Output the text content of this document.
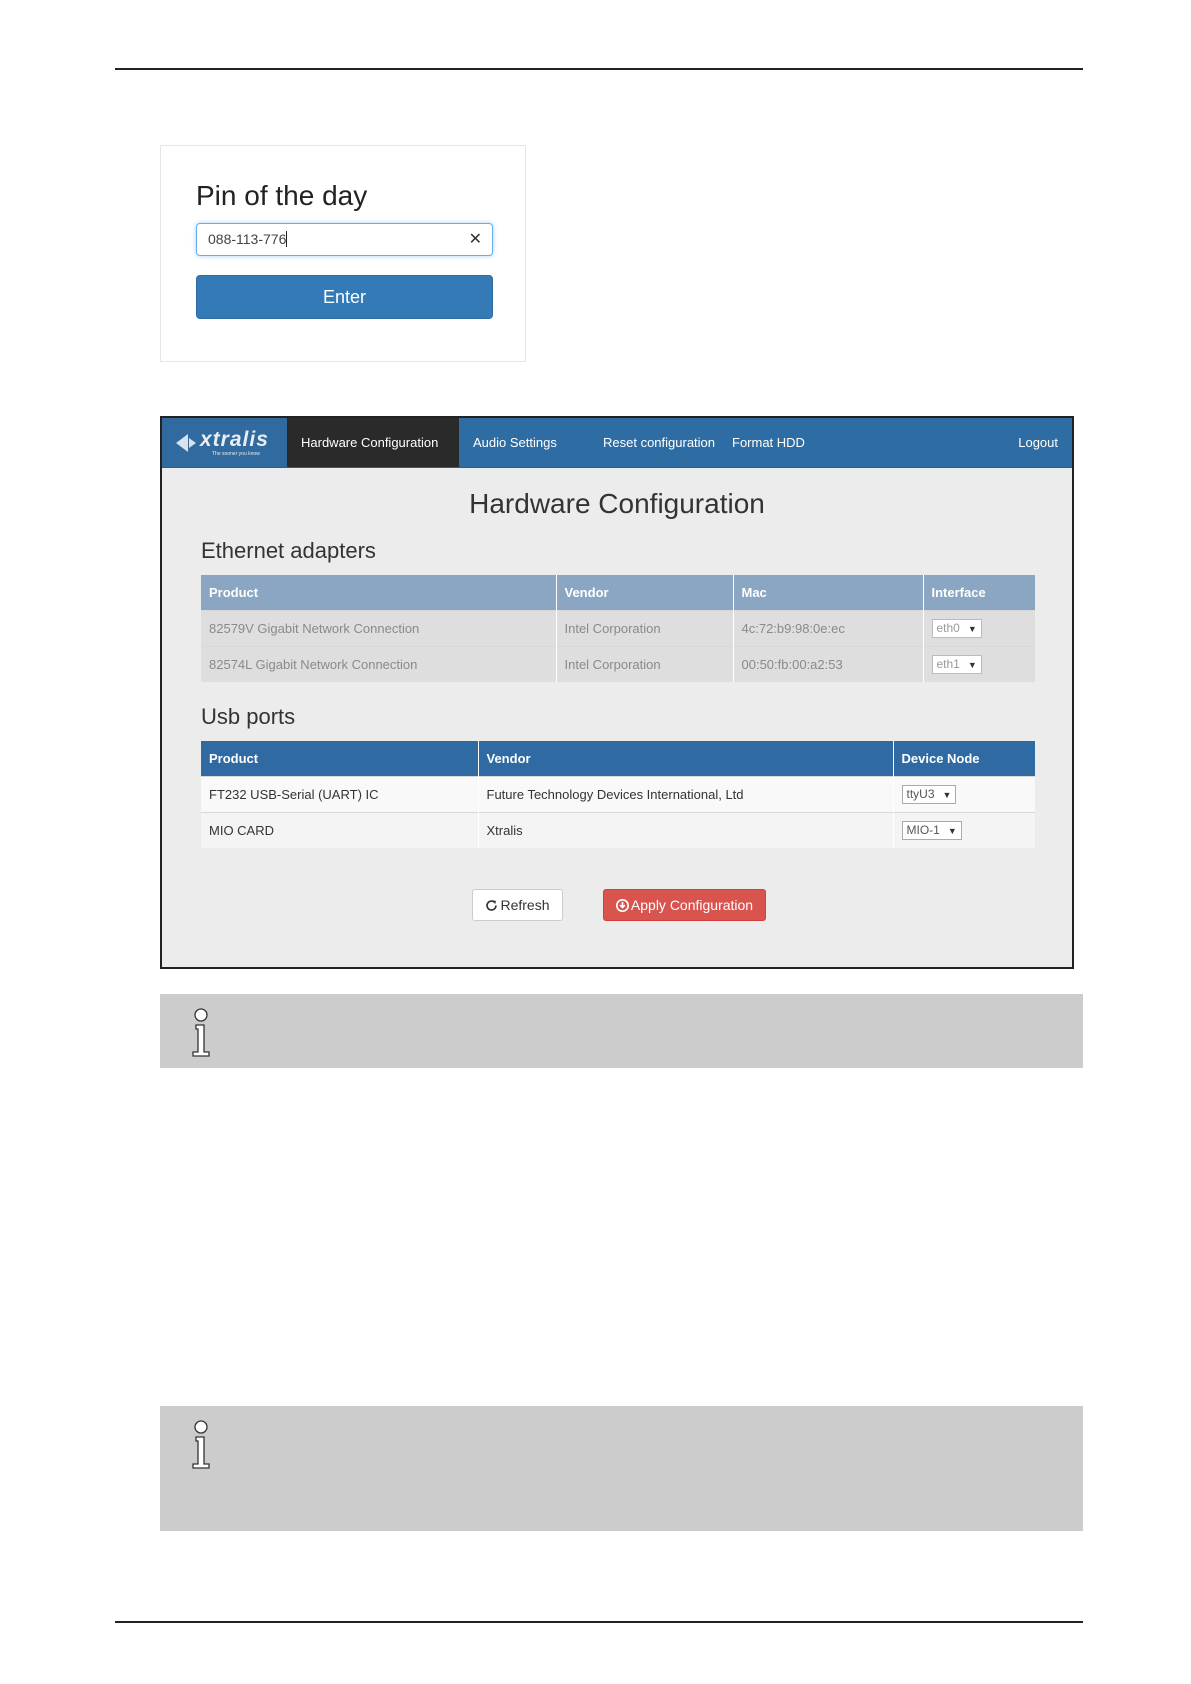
Pin of the day
088-113-776	✕
Enter
xtralis
The sooner you know
Hardware Configuration	Audio Settings	Reset configuration	Format HDD	Logout
Hardware Configuration
Ethernet adapters
Product	Vendor	Mac	Interface
82579V Gigabit Network Connection	Intel Corporation	4c:72:b9:98:0e:ec	eth0 ▼
82574L Gigabit Network Connection	Intel Corporation	00:50:fb:00:a2:53	eth1 ▼
Usb ports
Product	Vendor	Device Node
FT232 USB-Serial (UART) IC	Future Technology Devices International, Ltd	ttyU3 ▼
MIO CARD	Xtralis	MIO-1 ▼
Refresh	Apply Configuration
